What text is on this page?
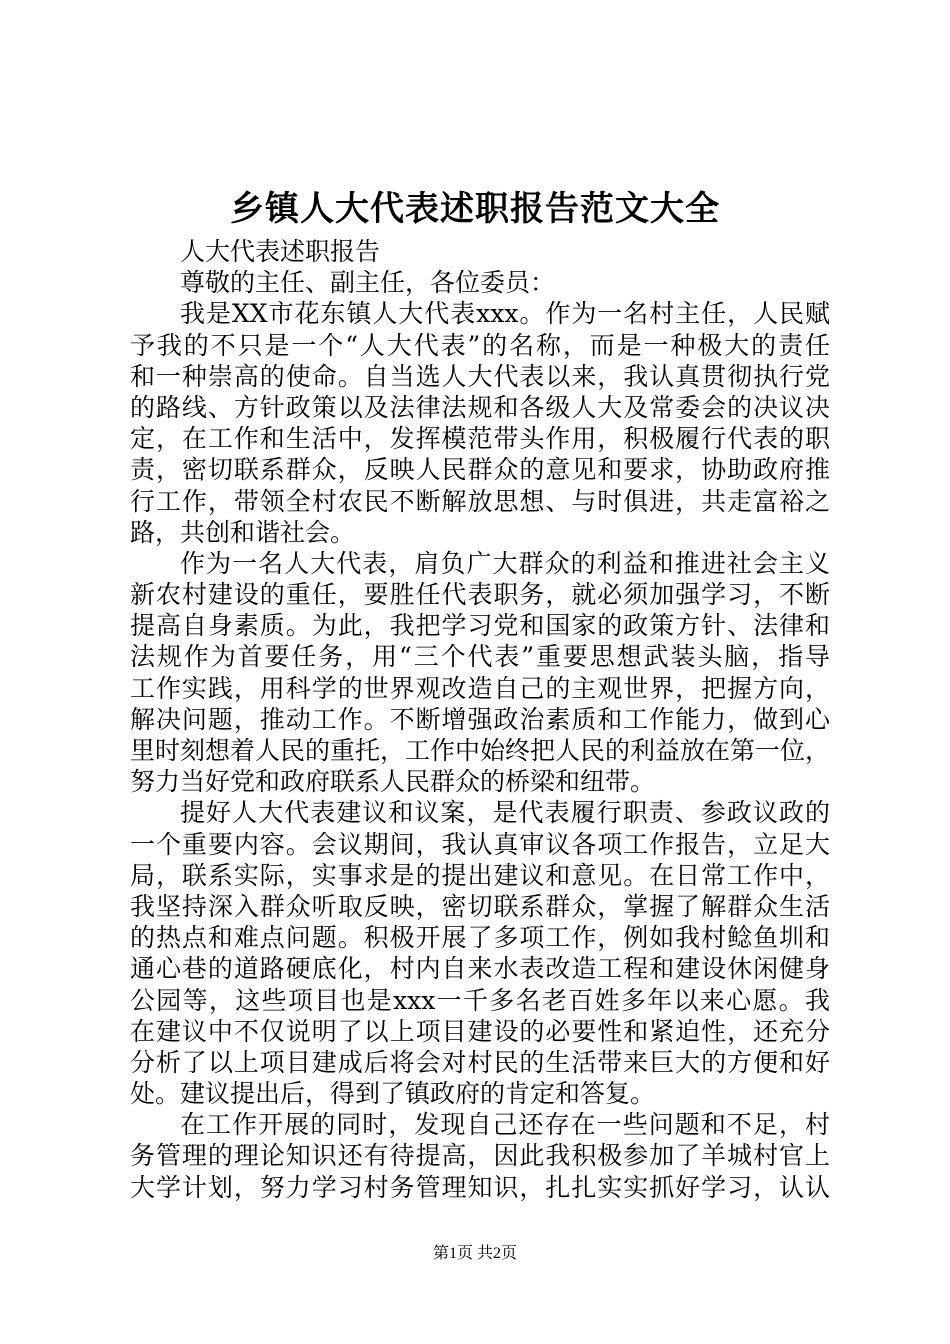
乡镇人大代表述职报告范文大全

人大代表述职报告

尊敬的主任、副主任，各位委员：

我是XX市花东镇人大代表xxx。作为一名村主任，人民赋

予我的不只是一个“人大代表”的名称，而是一种极大的责任

和一种崇高的使命。自当选人大代表以来，我认真贯彻执行党

的路线、方针政策以及法律法规和各级人大及常委会的决议决

定，在工作和生活中，发挥模范带头作用，积极履行代表的职

责，密切联系群众，反映人民群众的意见和要求，协助政府推

行工作，带领全村农民不断解放思想、与时俱进，共走富裕之

路，共创和谐社会。

作为一名人大代表，肩负广大群众的利益和推进社会主义

新农村建设的重任，要胜任代表职务，就必须加强学习，不断

提高自身素质。为此，我把学习党和国家的政策方针、法律和

法规作为首要任务，用“三个代表”重要思想武装头脑，指导

工作实践，用科学的世界观改造自己的主观世界，把握方向，

解决问题，推动工作。不断增强政治素质和工作能力，做到心

里时刻想着人民的重托，工作中始终把人民的利益放在第一位，

努力当好党和政府联系人民群众的桥梁和纽带。

提好人大代表建议和议案，是代表履行职责、参政议政的

一个重要内容。会议期间，我认真审议各项工作报告，立足大

局，联系实际，实事求是的提出建议和意见。在日常工作中，

我坚持深入群众听取反映，密切联系群众，掌握了解群众生活

的热点和难点问题。积极开展了多项工作，例如我村鲶鱼圳和

通心巷的道路硬底化，村内自来水表改造工程和建设休闲健身

公园等，这些项目也是xxx一千多名老百姓多年以来心愿。我

在建议中不仅说明了以上项目建设的必要性和紧迫性，还充分

分析了以上项目建成后将会对村民的生活带来巨大的方便和好

处。建议提出后，得到了镇政府的肯定和答复。

在工作开展的同时，发现自己还存在一些问题和不足，村

务管理的理论知识还有待提高，因此我积极参加了羊城村官上

大学计划，努力学习村务管理知识，扎扎实实抓好学习，认认

第1页 共2页
